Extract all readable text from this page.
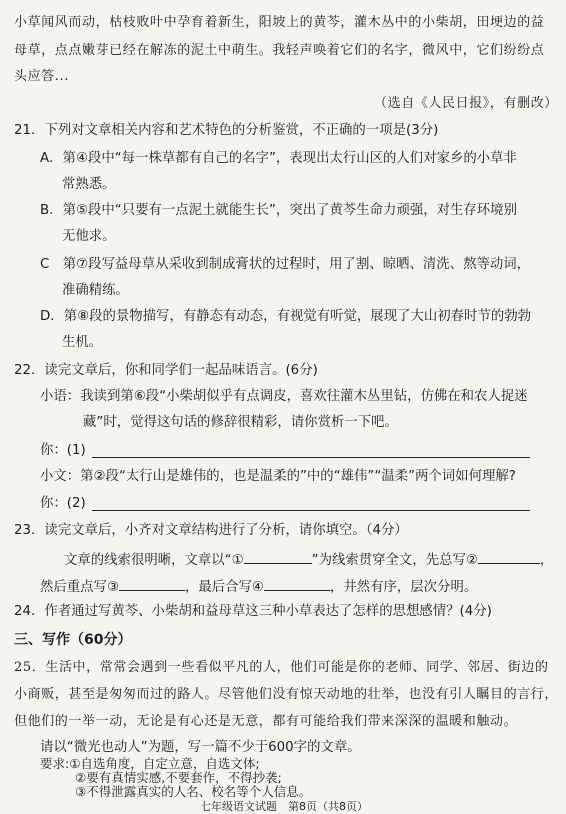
小草闻风而动，枯枝败叶中孕育着新生，阳坡上的黄芩，灌木丛中的小柴胡，田埂边的益
母草，点点嫩芽已经在解冻的泥土中萌生。我轻声唤着它们的名字，微风中，它们纷纷点
头应答...
（选自《人民日报》，有删改）
21．下列对文章相关内容和艺术特色的分析鉴赏，不正确的一项是(3分)
A．第④段中“每一株草都有自己的名字”，表现出太行山区的人们对家乡的小草非
常熟悉。
B．第⑤段中“只要有一点泥土就能生长”，突出了黄芩生命力顽强，对生存环境别
无他求。
C　第⑦段写益母草从采收到制成膏状的过程时，用了割、晾晒、清洗、熬等动词，
准确精练。
D．第⑧段的景物描写，有静态有动态，有视觉有听觉，展现了大山初春时节的勃勃
生机。
22．读完文章后，你和同学们一起品味语言。(6分)
小语：我读到第⑥段“小柴胡似乎有点调皮，喜欢往灌木丛里钻，仿佛在和农人捉迷
藏”时，觉得这句话的修辞很精彩，请你赏析一下吧。
你：(1)
小文：第②段“太行山是雄伟的，也是温柔的”中的“雄伟”“温柔”两个词如何理解?
你：(2)
23．读完文章后，小齐对文章结构进行了分析，请你填空。（4分）
文章的线索很明晰，文章以“①	”为线索贯穿全文，先总写②	，
然后重点写③	，最后合写④	，井然有序，层次分明。
24．作者通过写黄芩、小柴胡和益母草这三种小草表达了怎样的思想感情？(4分)
三、写作（60分）
25．生活中，常常会遇到一些看似平凡的人，他们可能是你的老师、同学、邻居、街边的
小商贩，甚至是匆匆而过的路人。尽管他们没有惊天动地的壮举，也没有引人瞩目的言行，
但他们的一举一动，无论是有心还是无意，都有可能给我们带来深深的温暖和触动。
请以“微光也动人”为题，写一篇不少于600字的文章。
要求:①自选角度，自定立意，自选文体;
七年级语文试题　第8页（共8页）
②要有真情实感,不要套作，不得抄袭;
③不得泄露真实的人名、校名等个人信息。
